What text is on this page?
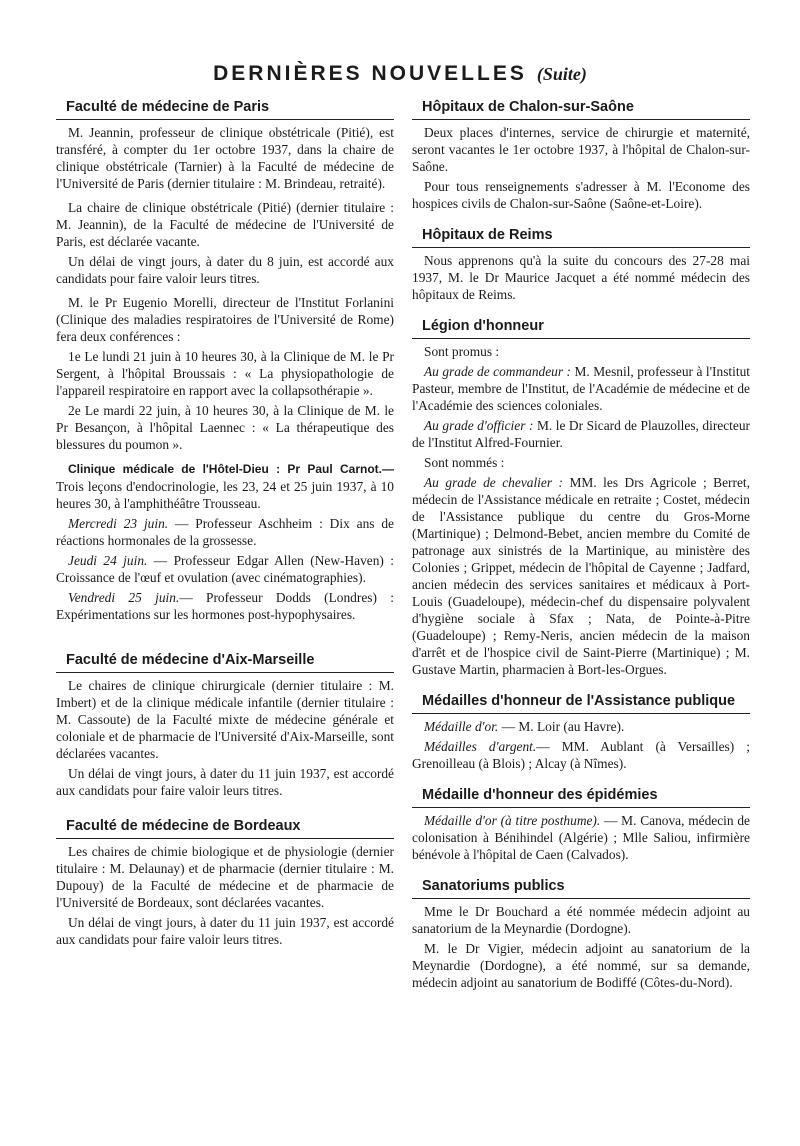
DERNIÈRES NOUVELLES (Suite)
Faculté de médecine de Paris

M. Jeannin, professeur de clinique obstétricale (Pitié), est transféré, à compter du 1er octobre 1937, dans la chaire de clinique obstétricale (Tarnier) à la Faculté de médecine de l'Université de Paris (dernier titulaire : M. Brindeau, retraité).

La chaire de clinique obstétricale (Pitié) (dernier titulaire : M. Jeannin), de la Faculté de médecine de l'Université de Paris, est déclarée vacante.

Un délai de vingt jours, à dater du 8 juin, est accordé aux candidats pour faire valoir leurs titres.

M. le Pr Eugenio Morelli, directeur de l'Institut Forlanini (Clinique des maladies respiratoires de l'Université de Rome) fera deux conférences :

1e Le lundi 21 juin à 10 heures 30, à la Clinique de M. le Pr Sergent, à l'hôpital Broussais : « La physiopathologie de l'appareil respiratoire en rapport avec la collapsothérapie ».

2e Le mardi 22 juin, à 10 heures 30, à la Clinique de M. le Pr Besançon, à l'hôpital Laennec : « La thérapeutique des blessures du poumon ».

Clinique médicale de l'Hôtel-Dieu : Pr Paul Carnot.— Trois leçons d'endocrinologie, les 23, 24 et 25 juin 1937, à 10 heures 30, à l'amphithéâtre Trousseau.

Mercredi 23 juin. — Professeur Aschheim : Dix ans de réactions hormonales de la grossesse.

Jeudi 24 juin. — Professeur Edgar Allen (New-Haven) : Croissance de l'œuf et ovulation (avec cinématographies).

Vendredi 25 juin.— Professeur Dodds (Londres) : Expérimentations sur les hormones post-hypophysaires.

Faculté de médecine d'Aix-Marseille

Le chaires de clinique chirurgicale (dernier titulaire : M. Imbert) et de la clinique médicale infantile (dernier titulaire : M. Cassoute) de la Faculté mixte de médecine générale et coloniale et de pharmacie de l'Université d'Aix-Marseille, sont déclarées vacantes.

Un délai de vingt jours, à dater du 11 juin 1937, est accordé aux candidats pour faire valoir leurs titres.

Faculté de médecine de Bordeaux

Les chaires de chimie biologique et de physiologie (dernier titulaire : M. Delaunay) et de pharmacie (dernier titulaire : M. Dupouy) de la Faculté de médecine et de pharmacie de l'Université de Bordeaux, sont déclarées vacantes.

Un délai de vingt jours, à dater du 11 juin 1937, est accordé aux candidats pour faire valoir leurs titres.

Hôpitaux de Chalon-sur-Saône

Deux places d'internes, service de chirurgie et maternité, seront vacantes le 1er octobre 1937, à l'hôpital de Chalon-sur-Saône.

Pour tous renseignements s'adresser à M. l'Econome des hospices civils de Chalon-sur-Saône (Saône-et-Loire).

Hôpitaux de Reims

Nous apprenons qu'à la suite du concours des 27-28 mai 1937, M. le Dr Maurice Jacquet a été nommé médecin des hôpitaux de Reims.

Légion d'honneur

Sont promus :

Au grade de commandeur : M. Mesnil, professeur à l'Institut Pasteur, membre de l'Institut, de l'Académie de médecine et de l'Académie des sciences coloniales.

Au grade d'officier : M. le Dr Sicard de Plauzolles, directeur de l'Institut Alfred-Fournier.

Sont nommés :

Au grade de chevalier : MM. les Drs Agricole ; Berret, médecin de l'Assistance médicale en retraite ; Costet, médecin de l'Assistance publique du centre du Gros-Morne (Martinique) ; Delmond-Bebet, ancien membre du Comité de patronage aux sinistrés de la Martinique, au ministère des Colonies ; Grippet, médecin de l'hôpital de Cayenne ; Jadfard, ancien médecin des services sanitaires et médicaux à Port-Louis (Guadeloupe), médecin-chef du dispensaire polyvalent d'hygiène sociale à Sfax ; Nata, de Pointe-à-Pitre (Guadeloupe) ; Remy-Neris, ancien médecin de la maison d'arrêt et de l'hospice civil de Saint-Pierre (Martinique) ; M. Gustave Martin, pharmacien à Bort-les-Orgues.

Médailles d'honneur de l'Assistance publique

Médaille d'or. — M. Loir (au Havre).

Médailles d'argent.— MM. Aublant (à Versailles) ; Grenoilleau (à Blois) ; Alcay (à Nîmes).

Médaille d'honneur des épidémies

Médaille d'or (à titre posthume). — M. Canova, médecin de colonisation à Bénihindel (Algérie) ; Mlle Saliou, infirmière bénévole à l'hôpital de Caen (Calvados).

Sanatoriums publics

Mme le Dr Bouchard a été nommée médecin adjoint au sanatorium de la Meynardie (Dordogne).

M. le Dr Vigier, médecin adjoint au sanatorium de la Meynardie (Dordogne), a été nommé, sur sa demande, médecin adjoint au sanatorium de Bodiffé (Côtes-du-Nord).
